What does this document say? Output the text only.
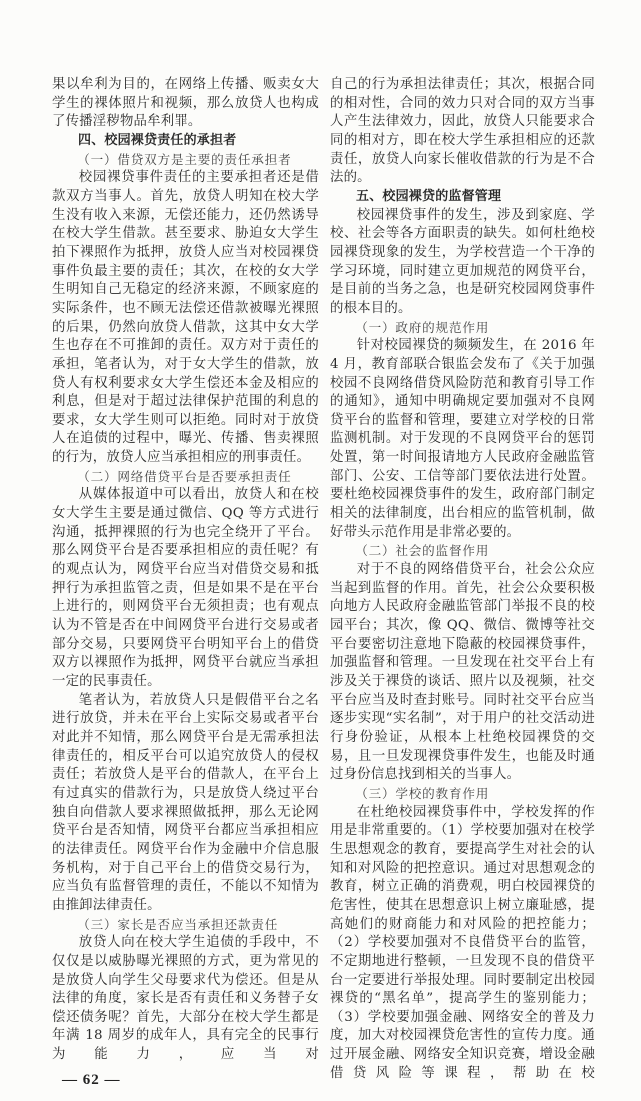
果以牟利为目的，在网络上传播、贩卖女大学生的裸体照片和视频，那么放贷人也构成了传播淫秽物品牟利罪。

四、校园裸贷责任的承担者

（一）借贷双方是主要的责任承担者

校园裸贷事件责任的主要承担者还是借款双方当事人。首先，放贷人明知在校大学生没有收入来源，无偿还能力，还仍然诱导在校大学生借款。甚至要求、胁迫女大学生拍下裸照作为抵押，放贷人应当对校园裸贷事件负最主要的责任；其次，在校的女大学生明知自己无稳定的经济来源，不顾家庭的实际条件，也不顾无法偿还借款被曝光裸照的后果，仍然向放贷人借款，这其中女大学生也存在不可推卸的责任。双方对于责任的承担，笔者认为，对于女大学生的借款，放贷人有权利要求女大学生偿还本金及相应的利息，但是对于超过法律保护范围的利息的要求，女大学生则可以拒绝。同时对于放贷人在追债的过程中，曝光、传播、售卖裸照的行为，放贷人应当承担相应的刑事责任。

（二）网络借贷平台是否要承担责任

从媒体报道中可以看出，放贷人和在校女大学生主要是通过微信、QQ 等方式进行沟通，抵押裸照的行为也完全绕开了平台。那么网贷平台是否要承担相应的责任呢？有的观点认为，网贷平台应当对借贷交易和抵押行为承担监管之责，但是如果不是在平台上进行的，则网贷平台无须担责；也有观点认为不管是否在中间网贷平台进行交易或者部分交易，只要网贷平台明知平台上的借贷双方以裸照作为抵押，网贷平台就应当承担一定的民事责任。

笔者认为，若放贷人只是假借平台之名进行放贷，并未在平台上实际交易或者平台对此并不知情，那么网贷平台是无需承担法律责任的，相反平台可以追究放贷人的侵权责任；若放贷人是平台的借款人，在平台上有过真实的借款行为，只是放贷人绕过平台独自向借款人要求裸照做抵押，那么无论网贷平台是否知情，网贷平台都应当承担相应的法律责任。网贷平台作为金融中介信息服务机构，对于自己平台上的借贷交易行为，应当负有监督管理的责任，不能以不知情为由推卸法律责任。

（三）家长是否应当承担还款责任

放贷人向在校大学生追债的手段中，不仅仅是以威胁曝光裸照的方式，更为常见的是放贷人向学生父母要求代为偿还。但是从法律的角度，家长是否有责任和义务替子女偿还债务呢？首先，大部分在校大学生都是年满 18 周岁的成年人，具有完全的民事行为能力，应当对

自己的行为承担法律责任；其次，根据合同的相对性，合同的效力只对合同的双方当事人产生法律效力，因此，放贷人只能要求合同的相对方，即在校大学生承担相应的还款责任，放贷人向家长催收借款的行为是不合法的。

五、校园裸贷的监督管理

校园裸贷事件的发生，涉及到家庭、学校、社会等各方面职责的缺失。如何杜绝校园裸贷现象的发生，为学校营造一个干净的学习环境，同时建立更加规范的网贷平台，是目前的当务之急，也是研究校园网贷事件的根本目的。

（一）政府的规范作用

针对校园裸贷的频频发生，在 2016 年 4 月，教育部联合银监会发布了《关于加强校园不良网络借贷风险防范和教育引导工作的通知》，通知中明确规定要加强对不良网贷平台的监督和管理，要建立对学校的日常监测机制。对于发现的不良网贷平台的惩罚处置，第一时间报请地方人民政府金融监管部门、公安、工信等部门要依法进行处置。要杜绝校园裸贷事件的发生，政府部门制定相关的法律制度，出台相应的监管机制，做好带头示范作用是非常必要的。

（二）社会的监督作用

对于不良的网络借贷平台，社会公众应当起到监督的作用。首先，社会公众要积极向地方人民政府金融监管部门举报不良的校园平台；其次，像 QQ、微信、微博等社交平台要密切注意地下隐蔽的校园裸贷事件，加强监督和管理。一旦发现在社交平台上有涉及关于裸贷的谈话、照片以及视频，社交平台应当及时查封账号。同时社交平台应当逐步实现“实名制”，对于用户的社交活动进行身份验证，从根本上杜绝校园裸贷的交易，且一旦发现裸贷事件发生，也能及时通过身份信息找到相关的当事人。

（三）学校的教育作用

在杜绝校园裸贷事件中，学校发挥的作用是非常重要的。（1）学校要加强对在校学生思想观念的教育，要提高学生对社会的认知和对风险的把控意识。通过对思想观念的教育，树立正确的消费观，明白校园裸贷的危害性，使其在思想意识上树立廉耻感，提高她们的财商能力和对风险的把控能力；（2）学校要加强对不良借贷平台的监管，不定期地进行整顿，一旦发现不良的借贷平台一定要进行举报处理。同时要制定出校园裸贷的“黑名单”，提高学生的鉴别能力；（3）学校要加强金融、网络安全的普及力度，加大对校园裸贷危害性的宣传力度。通过开展金融、网络安全知识竞赛，增设金融借贷风险等课程，帮助在校

— 62 —
